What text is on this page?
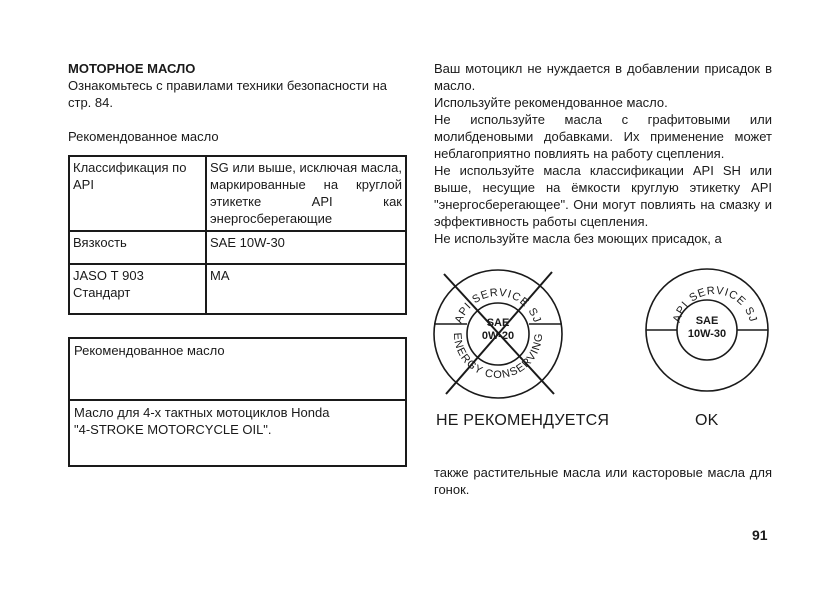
МОТОРНОЕ МАСЛО

Ознакомьтесь с правилами техники безопасности на стр. 84.

Рекомендованное масло
Классификация по API	SG или выше, исключая масла, маркированные на круглой этикетке API как энергосберегающие
Вязкость	SAE 10W-30
JASO Т 903 Стандарт	MA
Рекомендованное масло
Масло для 4-х тактных мотоциклов Honda
"4-STROKE MOTORCYCLE OIL".

Ваш мотоцикл не нуждается в добавлении присадок в масло.

Используйте рекомендованное масло.

Не используйте масла с графитовыми или молибденовыми добавками. Их применение может неблагоприятно повлиять на работу сцепления.

Не используйте масла классификации API SH или выше, несущие на ёмкости круглую этикетку API "энергосберегающее". Они могут повлиять на смазку и эффективность работы сцепления.

Не используйте масла без моющих присадок, а

API SERVICE SJ
ENERGY CONSERVING
SAE
0W-20
API SERVICE SJ
SAE
10W-30
НЕ РЕКОМЕНДУЕТСЯ	OK
также растительные масла или касторовые масла для гонок.
91
